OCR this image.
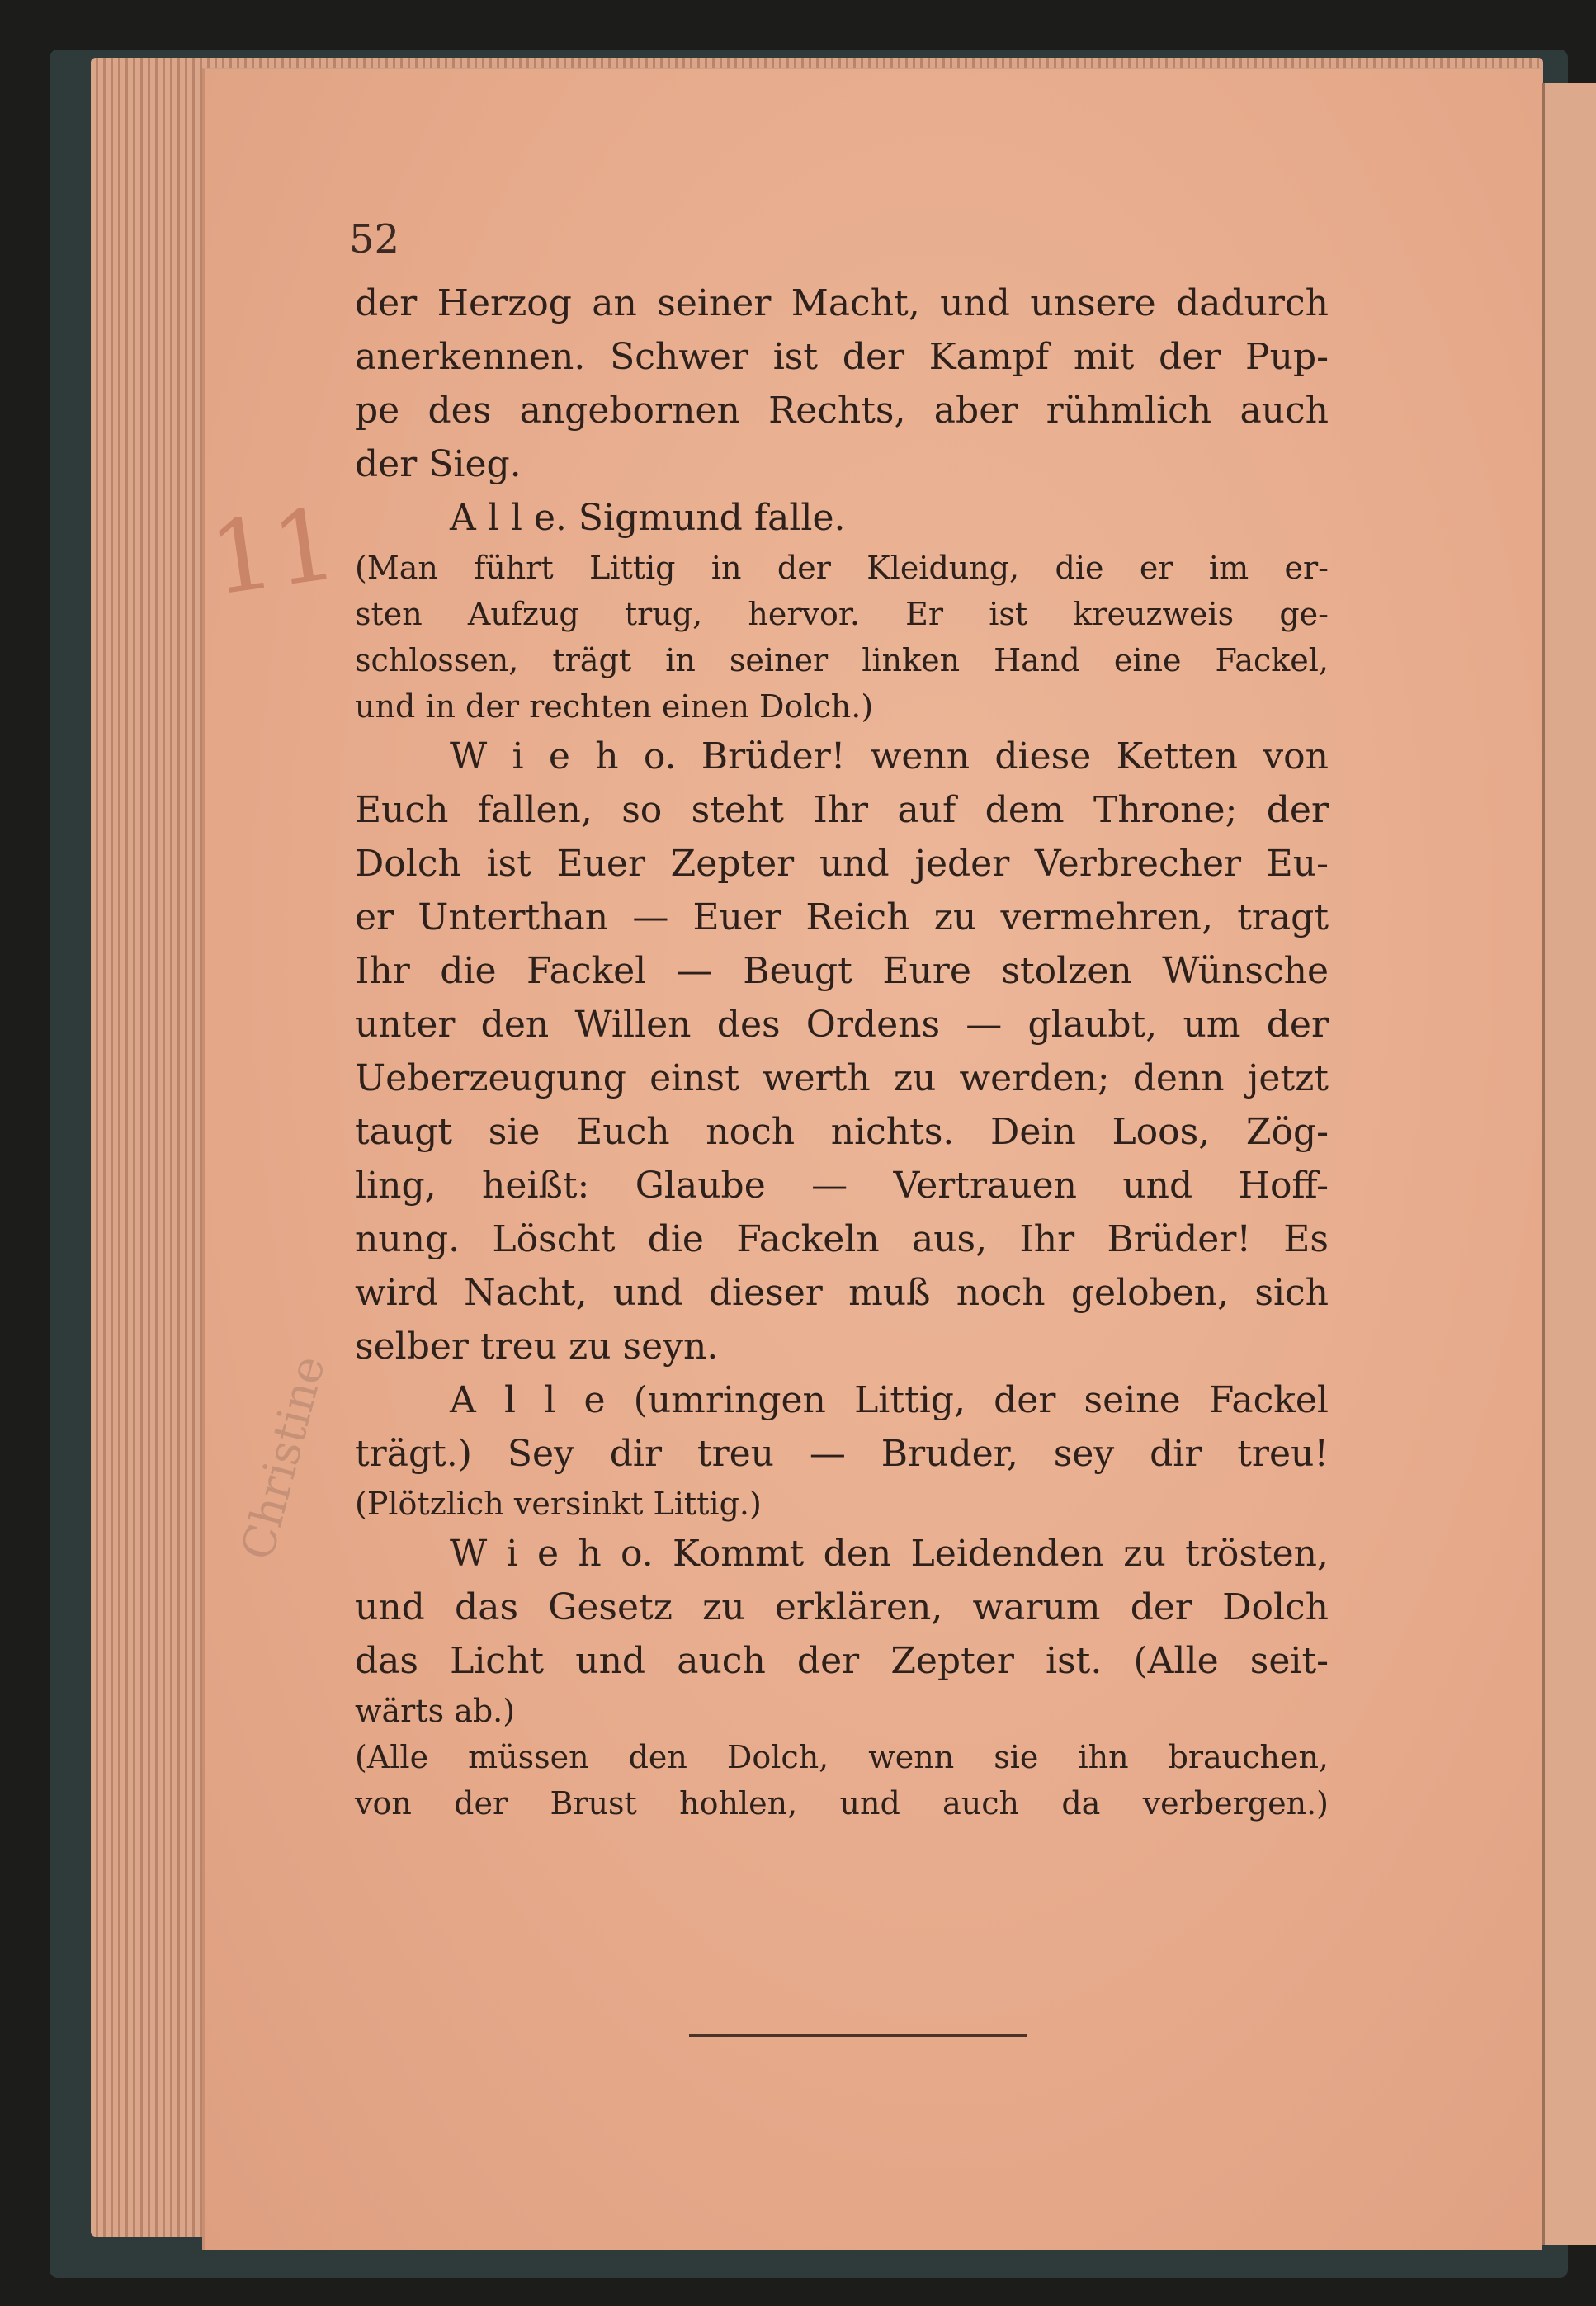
11
Christine
52
der Herzog an seiner Macht, und unsere dadurch
anerkennen. Schwer ist der Kampf mit der Pup-
pe des angebornen Rechts, aber rühmlich auch
der Sieg.
A l l e. Sigmund falle.
(Man führt Littig in der Kleidung, die er im er-
sten Aufzug trug, hervor. Er ist kreuzweis ge-
schlossen, trägt in seiner linken Hand eine Fackel,
und in der rechten einen Dolch.)
W i e h o. Brüder! wenn diese Ketten von
Euch fallen, so steht Ihr auf dem Throne; der
Dolch ist Euer Zepter und jeder Verbrecher Eu-
er Unterthan — Euer Reich zu vermehren, tragt
Ihr die Fackel — Beugt Eure stolzen Wünsche
unter den Willen des Ordens — glaubt, um der
Ueberzeugung einst werth zu werden; denn jetzt
taugt sie Euch noch nichts. Dein Loos, Zög-
ling, heißt: Glaube — Vertrauen und Hoff-
nung. Löscht die Fackeln aus, Ihr Brüder! Es
wird Nacht, und dieser muß noch geloben, sich
selber treu zu seyn.
A l l e (umringen Littig, der seine Fackel
trägt.) Sey dir treu — Bruder, sey dir treu!
(Plötzlich versinkt Littig.)
W i e h o. Kommt den Leidenden zu trösten,
und das Gesetz zu erklären, warum der Dolch
das Licht und auch der Zepter ist. (Alle seit-
wärts ab.)
(Alle müssen den Dolch, wenn sie ihn brauchen,
von der Brust hohlen, und auch da verbergen.)
